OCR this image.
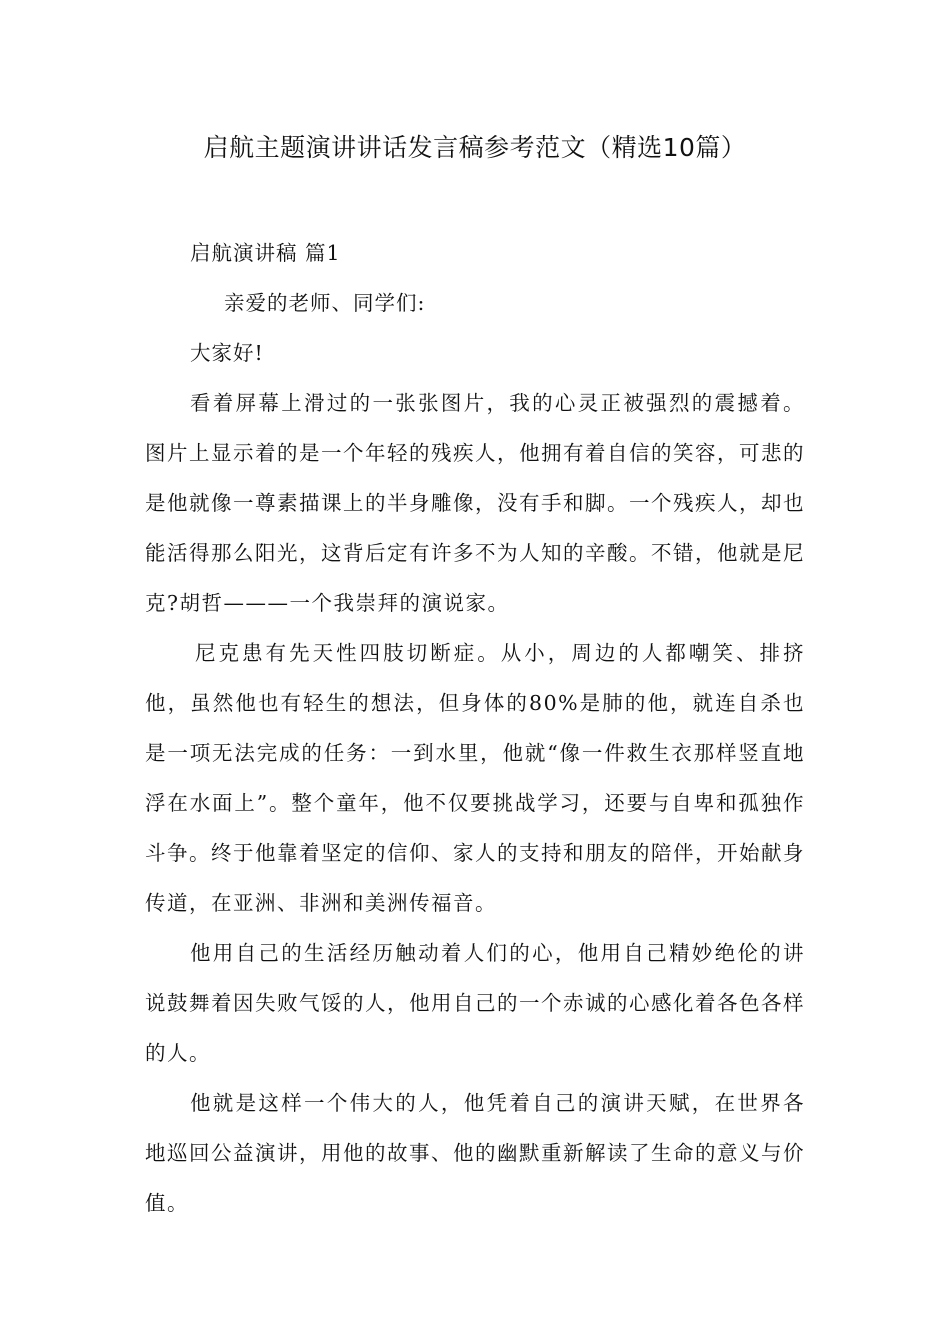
启航主题演讲讲话发言稿参考范文（精选10篇）
启航演讲稿 篇1
亲爱的老师、同学们:
大家好!
看着屏幕上滑过的一张张图片，我的心灵正被强烈的震撼着。图片上显示着的是一个年轻的残疾人，他拥有着自信的笑容，可悲的是他就像一尊素描课上的半身雕像，没有手和脚。一个残疾人，却也能活得那么阳光，这背后定有许多不为人知的辛酸。不错，他就是尼克?胡哲———一个我崇拜的演说家。
尼克患有先天性四肢切断症。从小，周边的人都嘲笑、排挤他，虽然他也有轻生的想法，但身体的80%是肺的他，就连自杀也是一项无法完成的任务：一到水里，他就“像一件救生衣那样竖直地浮在水面上”。整个童年，他不仅要挑战学习，还要与自卑和孤独作斗争。终于他靠着坚定的信仰、家人的支持和朋友的陪伴，开始献身传道，在亚洲、非洲和美洲传福音。
他用自己的生活经历触动着人们的心，他用自己精妙绝伦的讲说鼓舞着因失败气馁的人，他用自己的一个赤诚的心感化着各色各样的人。
他就是这样一个伟大的人，他凭着自己的演讲天赋，在世界各地巡回公益演讲，用他的故事、他的幽默重新解读了生命的意义与价值。
